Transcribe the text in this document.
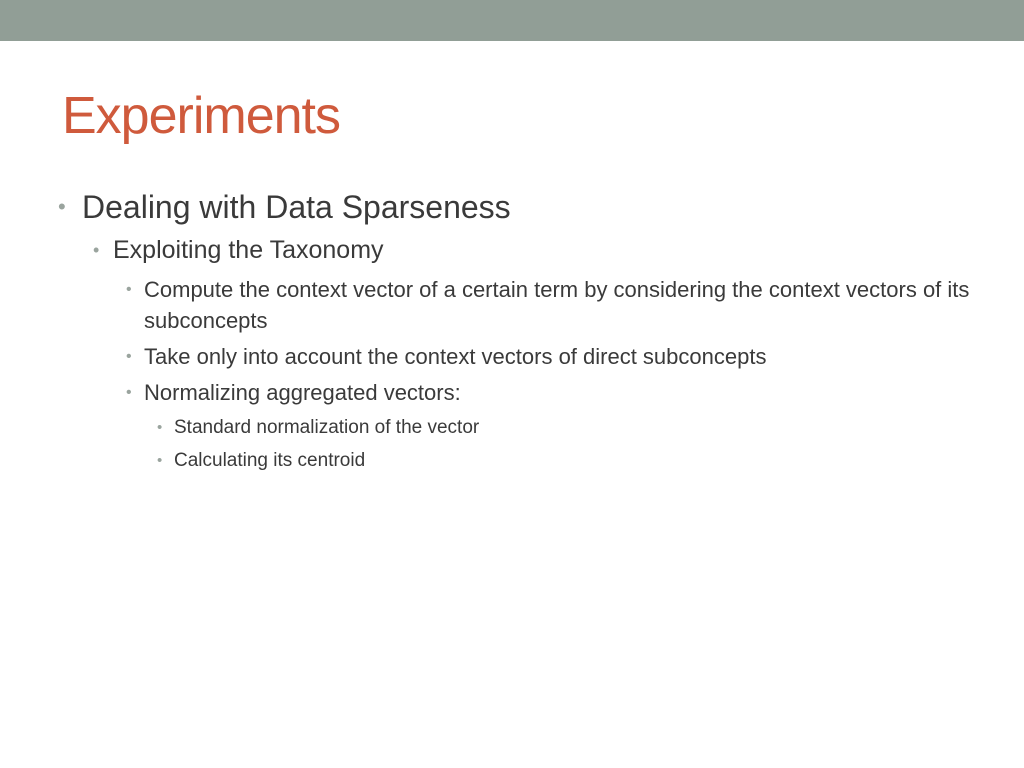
Experiments
• Dealing with Data Sparseness
• Exploiting the Taxonomy
• Compute the context vector of a certain term by considering the context vectors of its subconcepts
• Take only into account the context vectors of direct subconcepts
• Normalizing aggregated vectors:
• Standard normalization of the vector
• Calculating its centroid
